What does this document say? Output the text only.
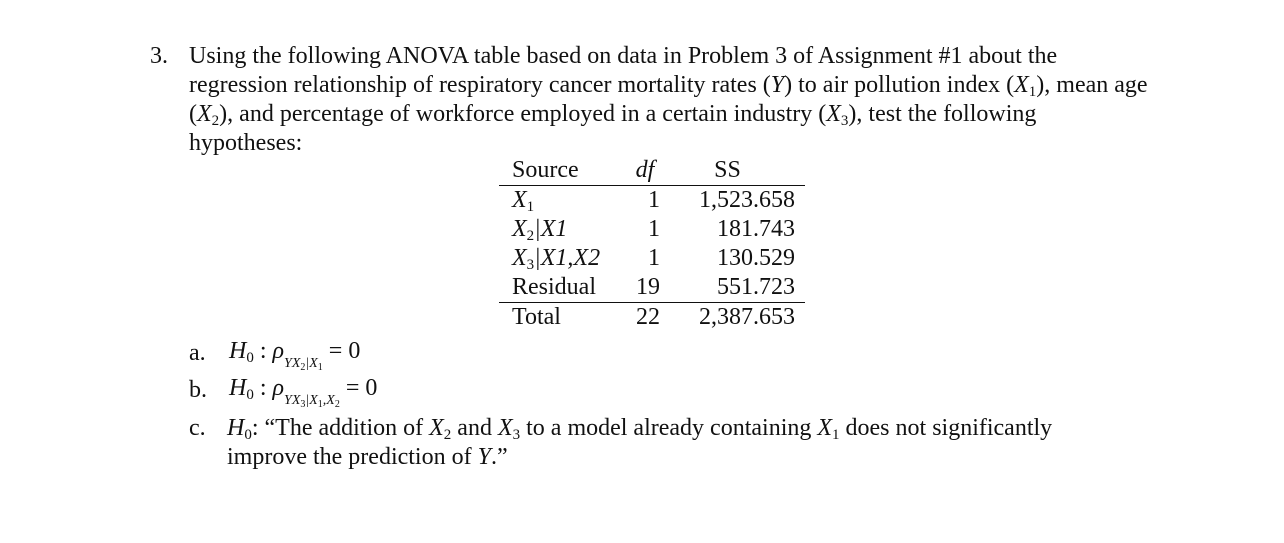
3. Using the following ANOVA table based on data in Problem 3 of Assignment #1 about the regression relationship of respiratory cancer mortality rates (Y) to air pollution index $(X_1)$, mean age $(X_2)$, and percentage of workforce employed in a certain industry $(X_3)$, test the following hypotheses:
Source	df	SS
$X_1$	1	1,523.658
$X_2|X1$	1	181.743
$X_3|X1,X2$	1	130.529
Residual	19	551.723
Total	22	2,387.653
a. $H_0$ : $\rho_{YX_2|X_1} = 0$
b. $H_0$ : $\rho_{YX_3|X_1,X_2} = 0$
c. $H_0$: “The addition of $X_2$ and $X_3$ to a model already containing $X_1$ does not significantly improve the prediction of Y.”
